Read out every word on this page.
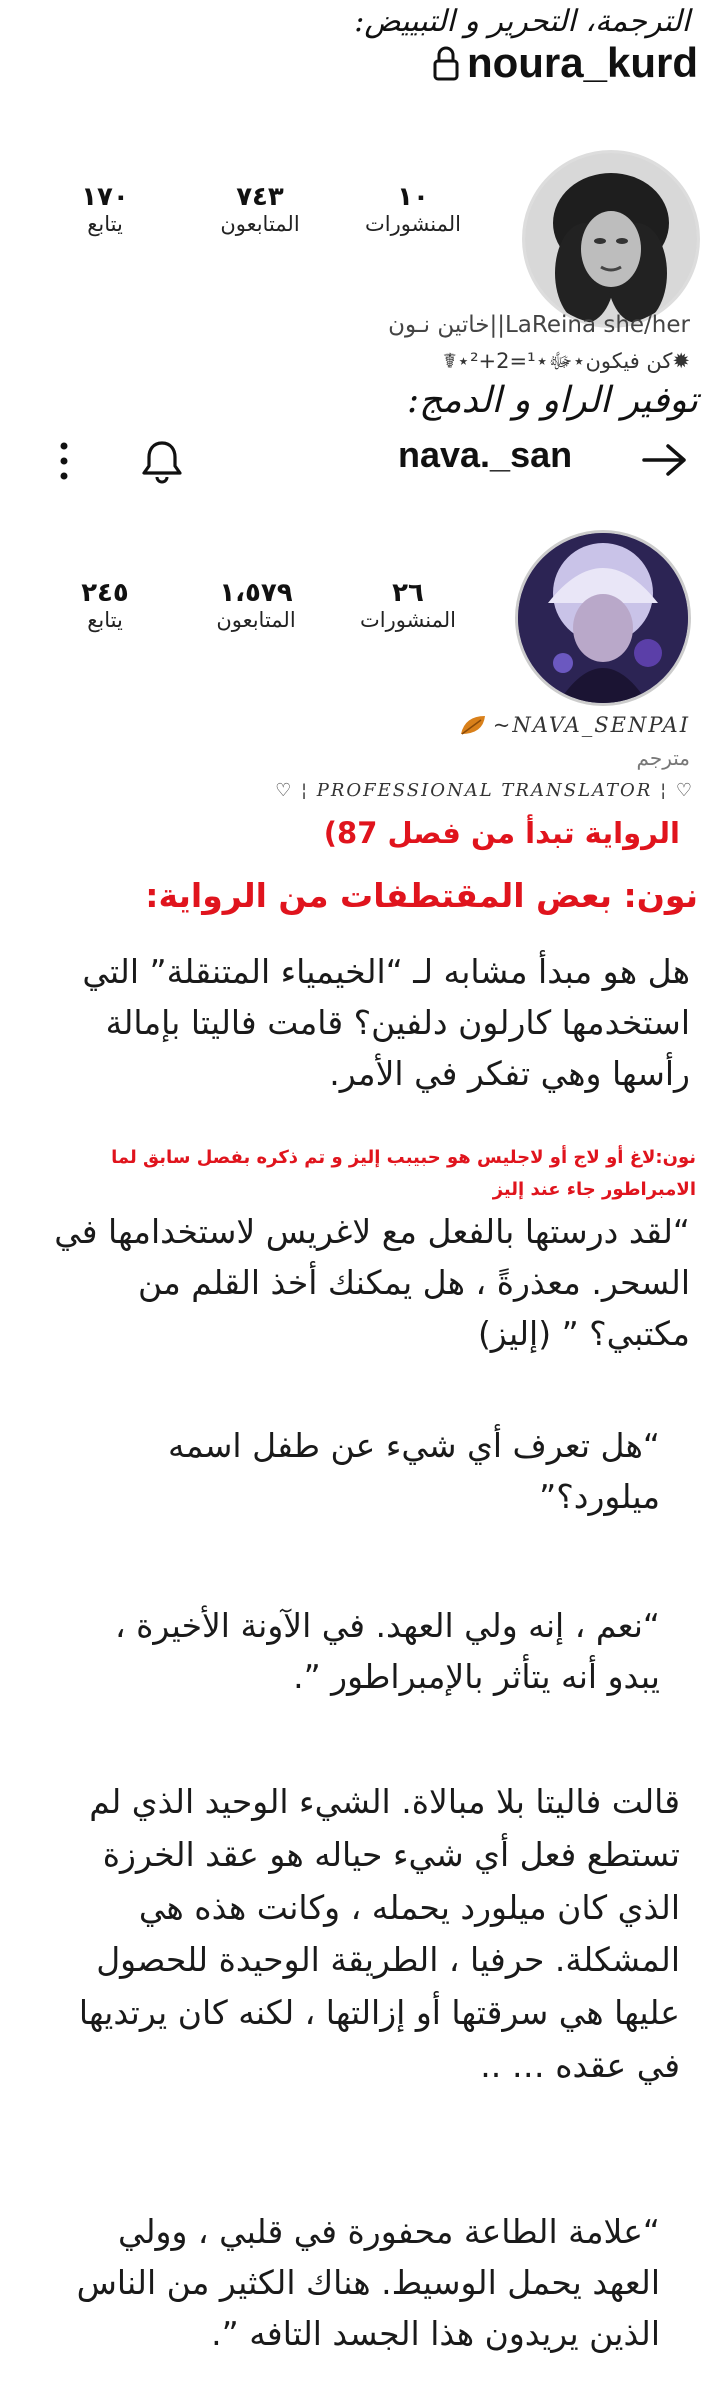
الترجمة، التحرير و التبييض:
noura_kurd
١٠
المنشورات
٧٤٣
المتابعون
١٧٠
يتابع
خاتين نـون||LaReina she/her
✹كن فيكون⋆ﷻ⋆¹=2+²⋆☤
توفير الراو و الدمج:
nava._san
٢٦
المنشورات
١،٥٧٩
المتابعون
٢٤٥
يتابع
~NAVA_SENPAI
مترجم
♡ ¦ PROFESSIONAL TRANSLATOR ¦ ♡
الرواية تبدأ من فصل 87)
نون: بعض المقتطفات من الرواية:
هل هو مبدأ مشابه لـ “الخيمياء المتنقلة” التي استخدمها كارلون دلفين؟ قامت فاليتا بإمالة رأسها وهي تفكر في الأمر.
نون:لاغ أو لاج أو لاجليس هو حبيبب إليز و تم ذكره بفصل سابق لما الامبراطور جاء عند إليز
“لقد درستها بالفعل مع لاغريس لاستخدامها في السحر. معذرةً ، هل يمكنك أخذ القلم من مكتبي؟ ” (إليز)
“هل تعرف أي شيء عن طفل اسمه ميلورد؟”
“نعم ، إنه ولي العهد. في الآونة الأخيرة ، يبدو أنه يتأثر بالإمبراطور ”.
قالت فاليتا بلا مبالاة. الشيء الوحيد الذي لم تستطع فعل أي شيء حياله هو عقد الخرزة الذي كان ميلورد يحمله ، وكانت هذه هي المشكلة. حرفيا ، الطريقة الوحيدة للحصول عليها هي سرقتها أو إزالتها ، لكنه كان يرتديها في عقده … ..
“علامة الطاعة محفورة في قلبي ، وولي العهد يحمل الوسيط. هناك الكثير من الناس الذين يريدون هذا الجسد التافه ”.
